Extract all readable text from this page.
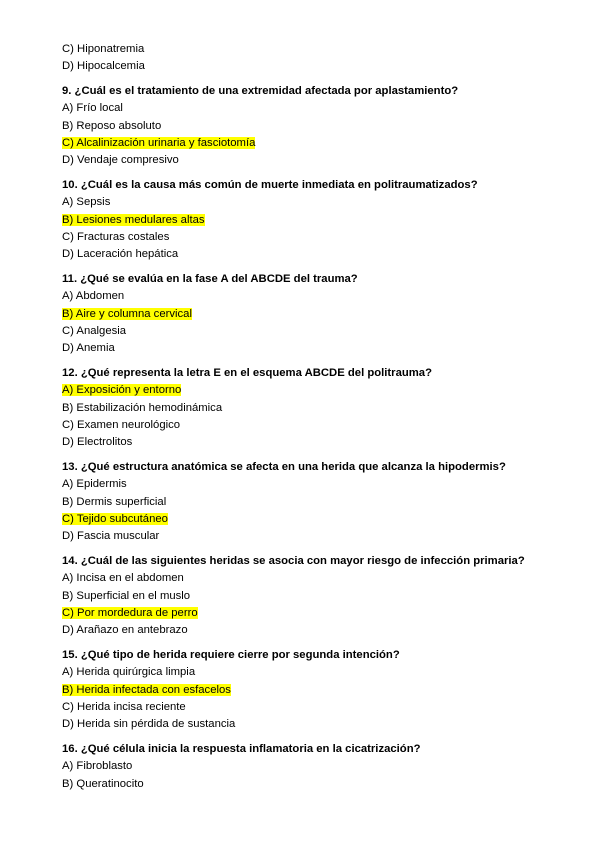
C) Hiponatremia
D) Hipocalcemia
9. ¿Cuál es el tratamiento de una extremidad afectada por aplastamiento?
A) Frío local
B) Reposo absoluto
C) Alcalinización urinaria y fasciotomía
D) Vendaje compresivo
10. ¿Cuál es la causa más común de muerte inmediata en politraumatizados?
A) Sepsis
B) Lesiones medulares altas
C) Fracturas costales
D) Laceración hepática
11. ¿Qué se evalúa en la fase A del ABCDE del trauma?
A) Abdomen
B) Aire y columna cervical
C) Analgesia
D) Anemia
12. ¿Qué representa la letra E en el esquema ABCDE del politrauma?
A) Exposición y entorno
B) Estabilización hemodinámica
C) Examen neurológico
D) Electrolitos
13. ¿Qué estructura anatómica se afecta en una herida que alcanza la hipodermis?
A) Epidermis
B) Dermis superficial
C) Tejido subcutáneo
D) Fascia muscular
14. ¿Cuál de las siguientes heridas se asocia con mayor riesgo de infección primaria?
A) Incisa en el abdomen
B) Superficial en el muslo
C) Por mordedura de perro
D) Arañazo en antebrazo
15. ¿Qué tipo de herida requiere cierre por segunda intención?
A) Herida quirúrgica limpia
B) Herida infectada con esfacelos
C) Herida incisa reciente
D) Herida sin pérdida de sustancia
16. ¿Qué célula inicia la respuesta inflamatoria en la cicatrización?
A) Fibroblasto
B) Queratinocito
